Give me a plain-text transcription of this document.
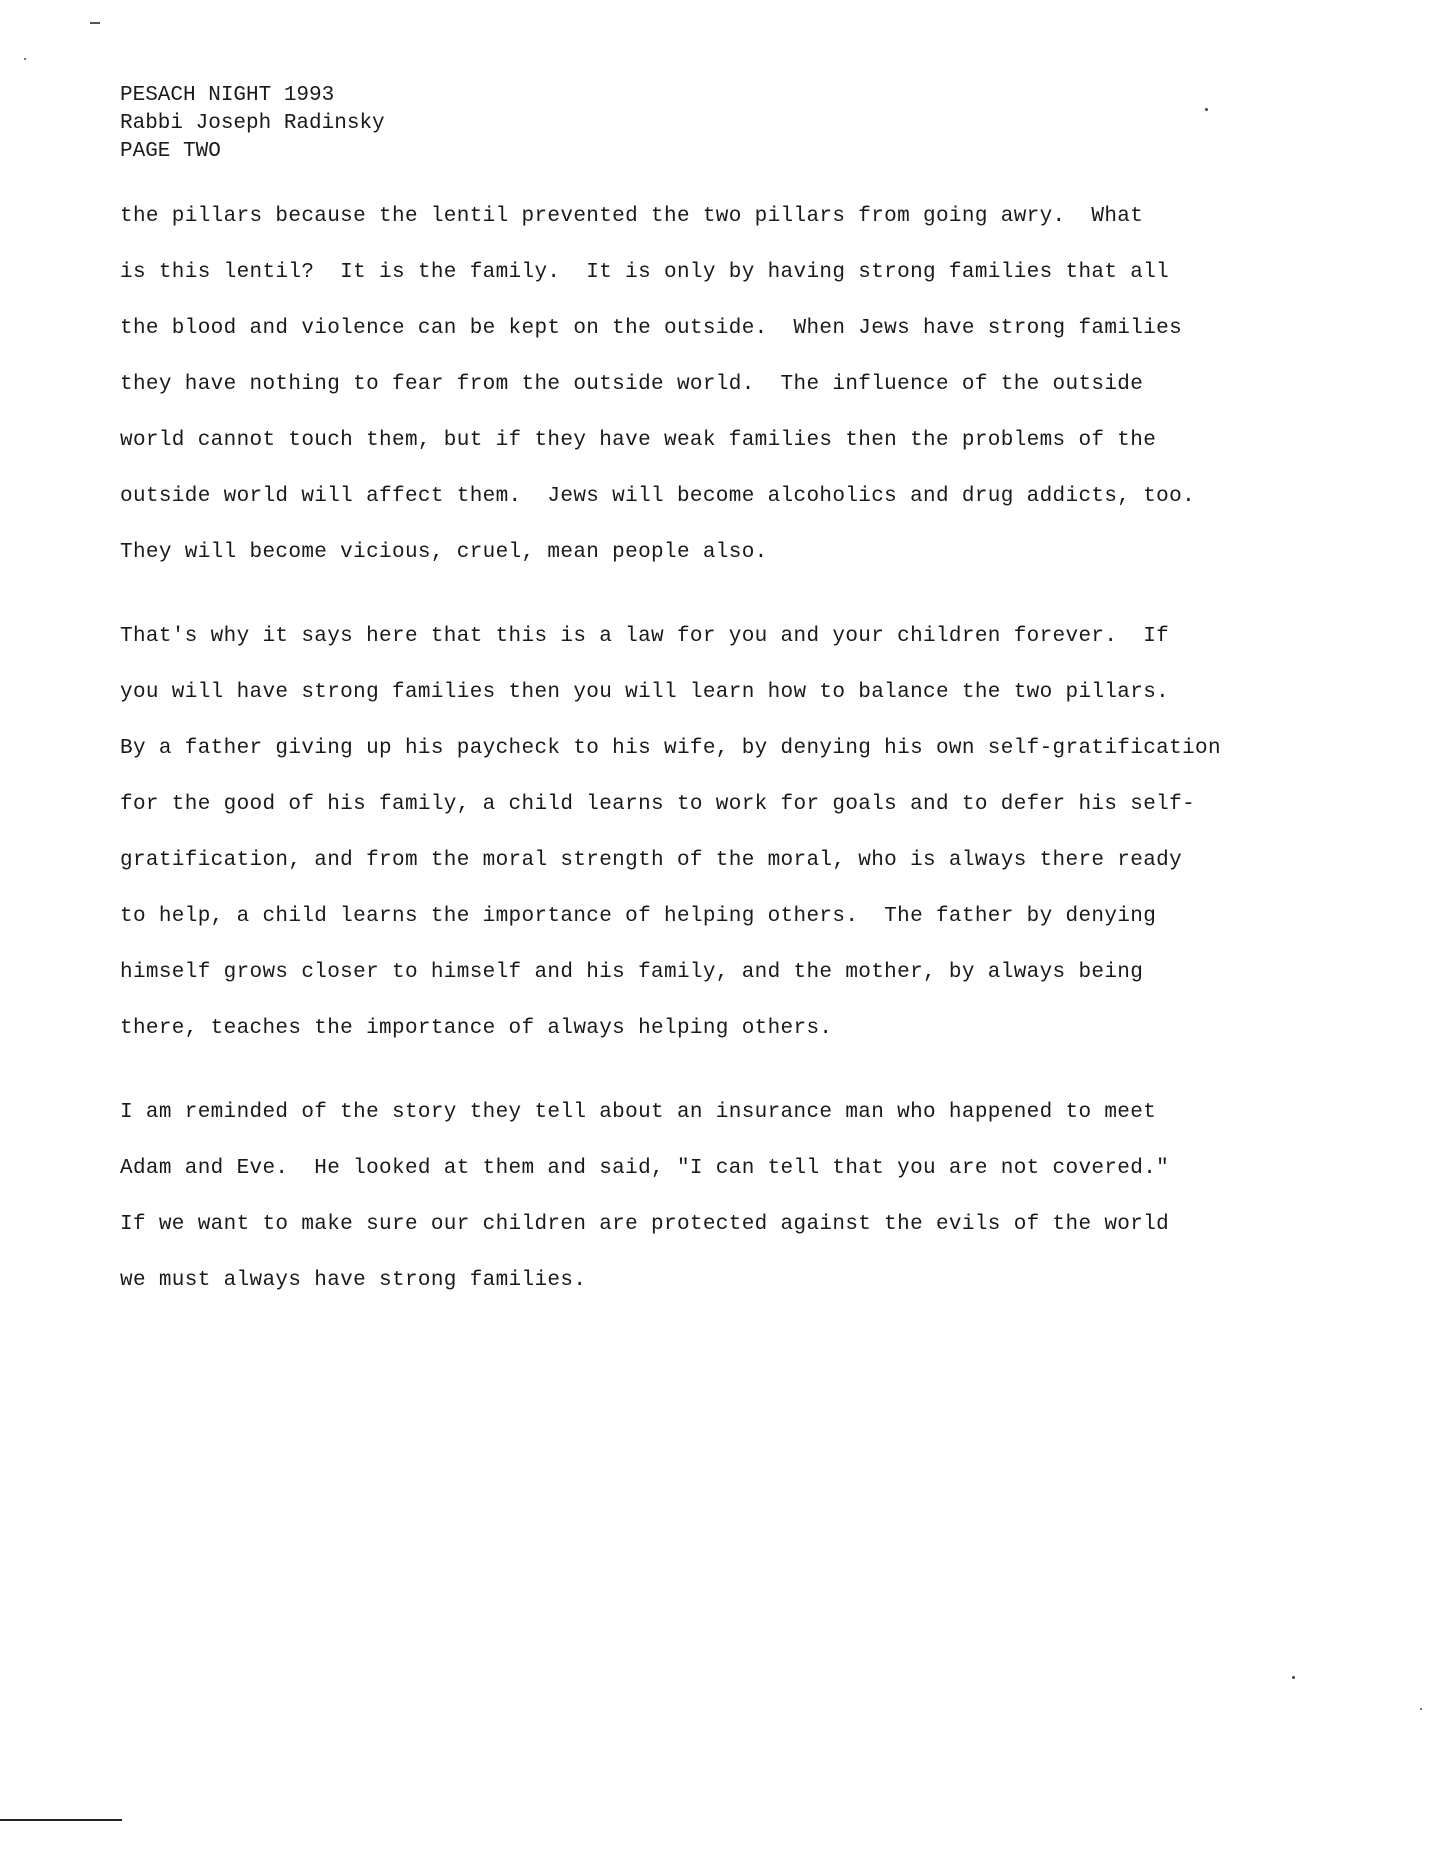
PESACH NIGHT 1993
Rabbi Joseph Radinsky
PAGE TWO

the pillars because the lentil prevented the two pillars from going awry.  What

is this lentil?  It is the family.  It is only by having strong families that all

the blood and violence can be kept on the outside.  When Jews have strong families

they have nothing to fear from the outside world.  The influence of the outside

world cannot touch them, but if they have weak families then the problems of the

outside world will affect them.  Jews will become alcoholics and drug addicts, too.

They will become vicious, cruel, mean people also.

That's why it says here that this is a law for you and your children forever.  If

you will have strong families then you will learn how to balance the two pillars.

By a father giving up his paycheck to his wife, by denying his own self-gratification

for the good of his family, a child learns to work for goals and to defer his self-

gratification, and from the moral strength of the moral, who is always there ready

to help, a child learns the importance of helping others.  The father by denying

himself grows closer to himself and his family, and the mother, by always being

there, teaches the importance of always helping others.

I am reminded of the story they tell about an insurance man who happened to meet

Adam and Eve.  He looked at them and said, "I can tell that you are not covered."

If we want to make sure our children are protected against the evils of the world

we must always have strong families.
